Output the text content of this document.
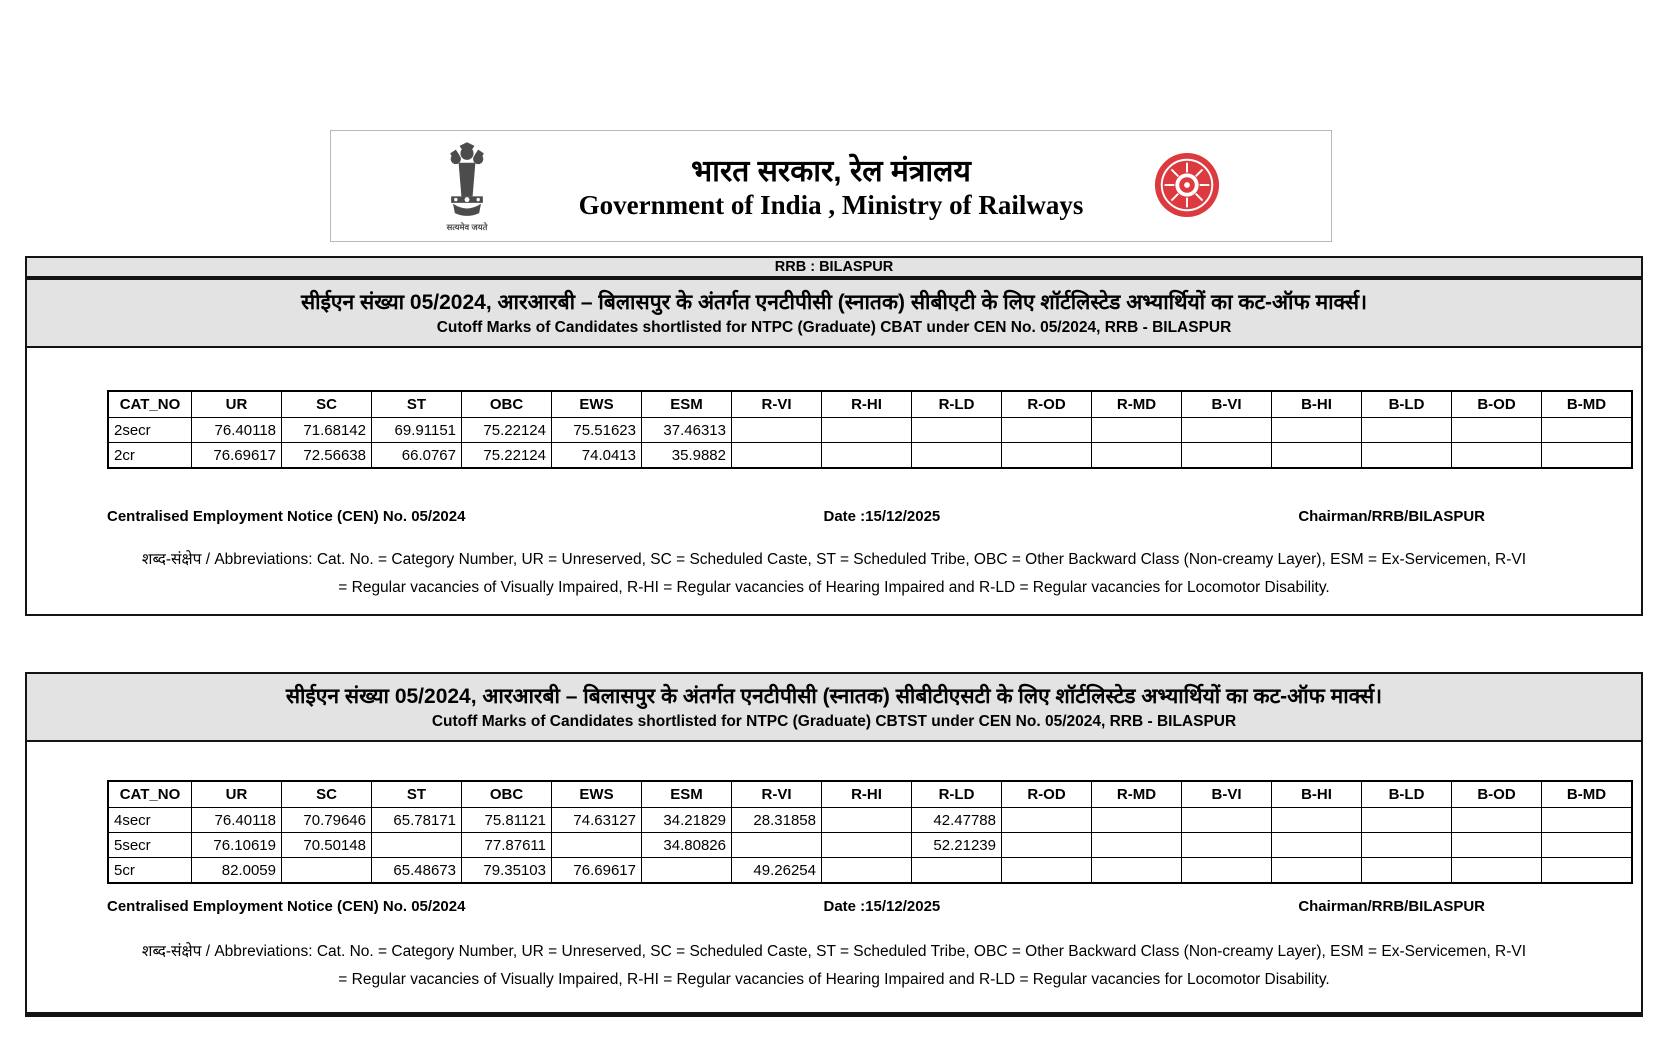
सत्यमेव जयते
भारत सरकार, रेल मंत्रालय
Government of India , Ministry of Railways
RRB : BILASPUR
सीईएन संख्या 05/2024, आरआरबी – बिलासपुर के अंतर्गत एनटीपीसी (स्नातक) सीबीएटी के लिए शॉर्टलिस्टेड अभ्यार्थियों का कट-ऑफ मार्क्स।
Cutoff Marks of Candidates shortlisted for NTPC (Graduate) CBAT under CEN No. 05/2024, RRB - BILASPUR
CAT_NO	UR	SC	ST	OBC	EWS	ESM	R-VI	R-HI	R-LD	R-OD	R-MD	B-VI	B-HI	B-LD	B-OD	B-MD
2secr	76.40118	71.68142	69.91151	75.22124	75.51623	37.46313										
2cr	76.69617	72.56638	66.0767	75.22124	74.0413	35.9882										
Centralised Employment Notice (CEN) No. 05/2024	Date :15/12/2025	Chairman/RRB/BILASPUR
शब्द-संक्षेप / Abbreviations: Cat. No. = Category Number, UR = Unreserved, SC = Scheduled Caste, ST = Scheduled Tribe, OBC = Other Backward Class (Non-creamy Layer), ESM = Ex-Servicemen, R-VI
= Regular vacancies of Visually Impaired, R-HI = Regular vacancies of Hearing Impaired and R-LD = Regular vacancies for Locomotor Disability.
सीईएन संख्या 05/2024, आरआरबी – बिलासपुर के अंतर्गत एनटीपीसी (स्नातक) सीबीटीएसटी के लिए शॉर्टलिस्टेड अभ्यार्थियों का कट-ऑफ मार्क्स।
Cutoff Marks of Candidates shortlisted for NTPC (Graduate) CBTST under CEN No. 05/2024, RRB - BILASPUR
CAT_NO	UR	SC	ST	OBC	EWS	ESM	R-VI	R-HI	R-LD	R-OD	R-MD	B-VI	B-HI	B-LD	B-OD	B-MD
4secr	76.40118	70.79646	65.78171	75.81121	74.63127	34.21829	28.31858		42.47788							
5secr	76.10619	70.50148		77.87611		34.80826			52.21239							
5cr	82.0059		65.48673	79.35103	76.69617		49.26254									
Centralised Employment Notice (CEN) No. 05/2024	Date :15/12/2025	Chairman/RRB/BILASPUR
शब्द-संक्षेप / Abbreviations: Cat. No. = Category Number, UR = Unreserved, SC = Scheduled Caste, ST = Scheduled Tribe, OBC = Other Backward Class (Non-creamy Layer), ESM = Ex-Servicemen, R-VI
= Regular vacancies of Visually Impaired, R-HI = Regular vacancies of Hearing Impaired and R-LD = Regular vacancies for Locomotor Disability.
